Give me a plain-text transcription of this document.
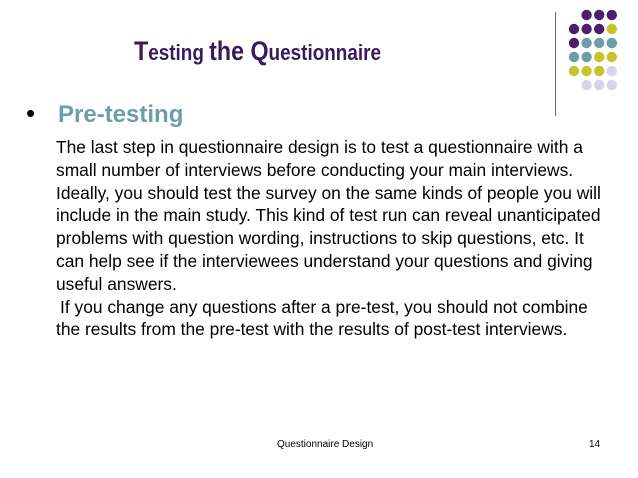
Testing the Questionnaire
• Pre-testing

The last step in questionnaire design is to test a questionnaire with a small number of interviews before conducting your main interviews. Ideally, you should test the survey on the same kinds of people you will include in the main study. This kind of test run can reveal unanticipated problems with question wording, instructions to skip questions, etc. It can help see if the interviewees understand your questions and giving useful answers.

If you change any questions after a pre-test, you should not combine the results from the pre-test with the results of post-test interviews.

Questionnaire Design	14
